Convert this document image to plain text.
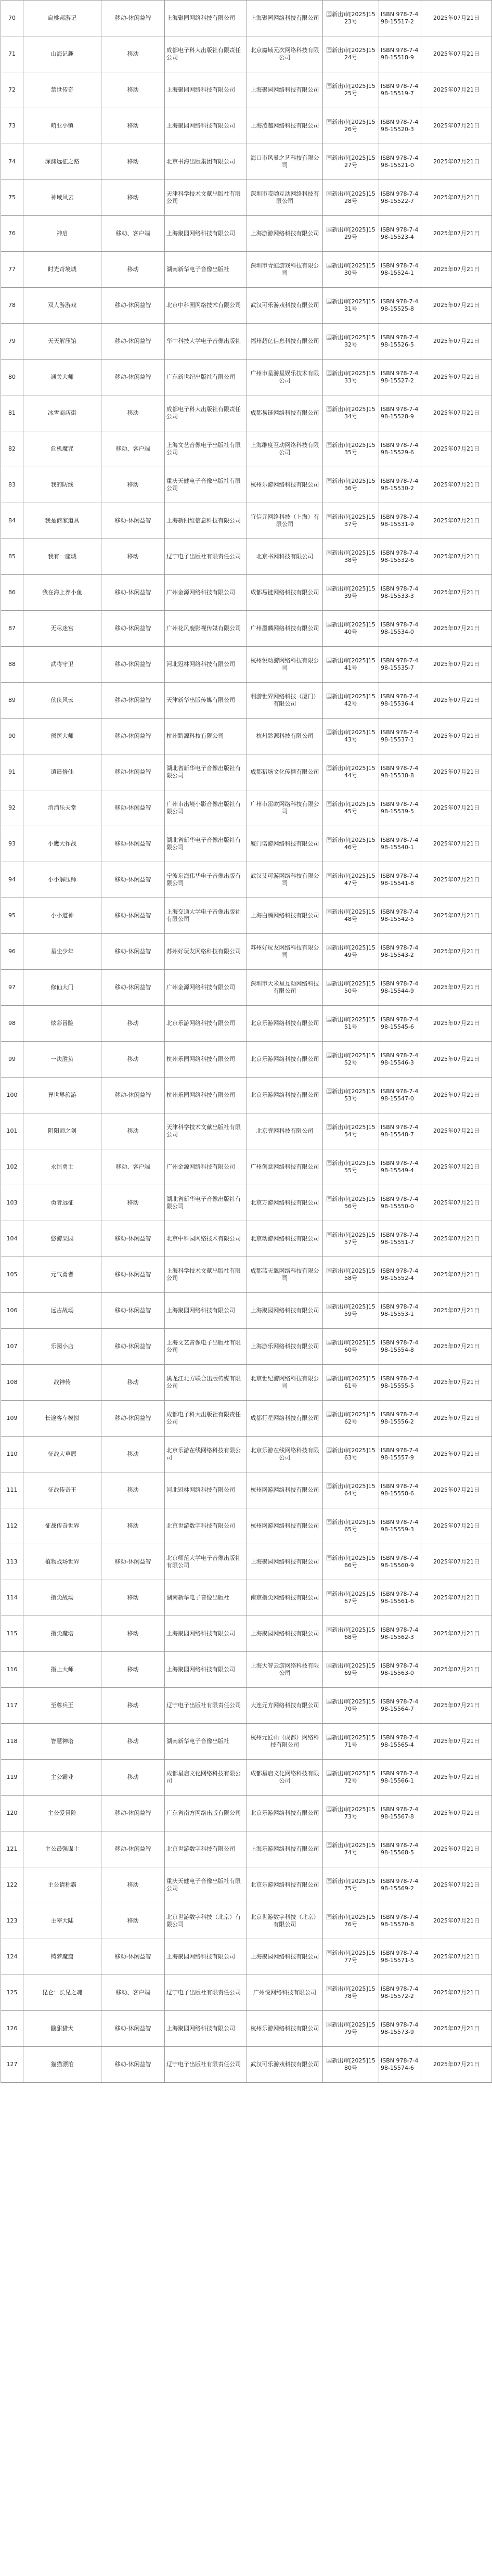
70	扁桃邦游记	移动-休闲益智	上海聚园网络科技有限公司	上海聚园网络科技有限公司	国新出审[2025]1523号	ISBN 978-7-498-15517-2	2025年07月21日
71	山海记趣	移动	成都电子科大出版社有限责任公司	北京魔域元次网络科技有限公司	国新出审[2025]1524号	ISBN 978-7-498-15518-9	2025年07月21日
72	禁世传奇	移动	上海聚园网络科技有限公司	上海聚园网络科技有限公司	国新出审[2025]1525号	ISBN 978-7-498-15519-7	2025年07月21日
73	萌业小镇	移动	上海聚园网络科技有限公司	上海凌越网络科技有限公司	国新出审[2025]1526号	ISBN 978-7-498-15520-3	2025年07月21日
74	深渊远征之路	移动	北京书海出版集团有限公司	海口市风暴之艺科技有限公司	国新出审[2025]1527号	ISBN 978-7-498-15521-0	2025年07月21日
75	神域风云	移动	天津科学技术文献出版社有限公司	深圳市哎哟互动网络科技有限公司	国新出审[2025]1528号	ISBN 978-7-498-15522-7	2025年07月21日
76	神启	移动、客户端	上海聚园网络科技有限公司	上海游游网络科技有限公司	国新出审[2025]1529号	ISBN 978-7-498-15523-4	2025年07月21日
77	时光奇境城	移动	湖南新华电子音像出版社	深圳市青蛙游戏科技有限公司	国新出审[2025]1530号	ISBN 978-7-498-15524-1	2025年07月21日
78	双人游游戏	移动-休闲益智	北京中科园网络技术有限公司	武汉可乐游戏科技有限公司	国新出审[2025]1531号	ISBN 978-7-498-15525-8	2025年07月21日
79	天天解压馆	移动-休闲益智	华中科技大学电子音像出版社	福州超亿信息科技有限公司	国新出审[2025]1532号	ISBN 978-7-498-15526-5	2025年07月21日
80	通关大师	移动-休闲益智	广东新世纪出版社有限公司	广州市星游星娱乐技术有限公司	国新出审[2025]1533号	ISBN 978-7-498-15527-2	2025年07月21日
81	冰雪商店街	移动	成都电子科大出版社有限责任公司	成都易链网络科技有限公司	国新出审[2025]1534号	ISBN 978-7-498-15528-9	2025年07月21日
82	危机魔咒	移动、客户端	上海文艺音像电子出版社有限公司	上海维度互动网络科技有限公司	国新出审[2025]1535号	ISBN 978-7-498-15529-6	2025年07月21日
83	我的防线	移动	重庆天健电子音像出版社有限公司	杭州乐游网络科技有限公司	国新出审[2025]1536号	ISBN 978-7-498-15530-2	2025年07月21日
84	我是商家道具	移动-休闲益智	上海新四维信息科技有限公司	宜信元网络科技（上海）有限公司	国新出审[2025]1537号	ISBN 978-7-498-15531-9	2025年07月21日
85	我有一座城	移动	辽宁电子出版社有限责任公司	北京书网科技有限公司	国新出审[2025]1538号	ISBN 978-7-498-15532-6	2025年07月21日
86	我在海上养小鱼	移动-休闲益智	广州金源网络科技有限公司	成都易链网络科技有限公司	国新出审[2025]1539号	ISBN 978-7-498-15533-3	2025年07月21日
87	无尽迷宫	移动-休闲益智	广州花风鹿影视传媒有限公司	广州墨麟网络科技有限公司	国新出审[2025]1540号	ISBN 978-7-498-15534-0	2025年07月21日
88	武将守卫	移动-休闲益智	河北冠林网络科技有限公司	杭州悦动游网络科技有限公司	国新出审[2025]1541号	ISBN 978-7-498-15535-7	2025年07月21日
89	侠侠风云	移动-休闲益智	天津新华出版传媒有限公司	利游世界网络科技（厦门）有限公司	国新出审[2025]1542号	ISBN 978-7-498-15536-4	2025年07月21日
90	熊医大师	移动-休闲益智	杭州黔源科技有限公司	杭州黔源科技有限公司	国新出审[2025]1543号	ISBN 978-7-498-15537-1	2025年07月21日
91	逍遥修仙	移动-休闲益智	湖北省新华电子音像出版社有限公司	成都猎场文化传播有限公司	国新出审[2025]1544号	ISBN 978-7-498-15538-8	2025年07月21日
92	消消乐天堂	移动-休闲益智	广州市出境小影音像出版社有限公司	广州市雷欧网络科技有限公司	国新出审[2025]1545号	ISBN 978-7-498-15539-5	2025年07月21日
93	小鹰大作战	移动-休闲益智	湖北省新华电子音像出版社有限公司	厦门诺游网络科技有限公司	国新出审[2025]1546号	ISBN 978-7-498-15540-1	2025年07月21日
94	小小解压师	移动-休闲益智	宁波东海伟华电子音像出版有限公司	武汉艾可游网络科技有限公司	国新出审[2025]1547号	ISBN 978-7-498-15541-8	2025年07月21日
95	小小道神	移动-休闲益智	上海交通大学电子音像出版社有限公司	上海白腾网络科技有限公司	国新出审[2025]1548号	ISBN 978-7-498-15542-5	2025年07月21日
96	星尘少年	移动-休闲益智	苏州好玩友网络科技有限公司	苏州好玩友网络科技有限公司	国新出审[2025]1549号	ISBN 978-7-498-15543-2	2025年07月21日
97	修仙大门	移动-休闲益智	广州金源网络科技有限公司	深圳市大米星互动网络科技有限公司	国新出审[2025]1550号	ISBN 978-7-498-15544-9	2025年07月21日
98	炫彩冒险	移动	北京乐游网络科技有限公司	北京乐游网络科技有限公司	国新出审[2025]1551号	ISBN 978-7-498-15545-6	2025年07月21日
99	一决胜负	移动	杭州乐园网络科技有限公司	北京乐游网络科技有限公司	国新出审[2025]1552号	ISBN 978-7-498-15546-3	2025年07月21日
100	异世界旅游	移动-休闲益智	杭州乐园网络科技有限公司	北京乐游网络科技有限公司	国新出审[2025]1553号	ISBN 978-7-498-15547-0	2025年07月21日
101	阴阳师之剑	移动	天津科学技术文献出版社有限公司	北京壹网科技有限公司	国新出审[2025]1554号	ISBN 978-7-498-15548-7	2025年07月21日
102	永恒勇士	移动、客户端	广州金源网络科技有限公司	广州创意网络科技有限公司	国新出审[2025]1555号	ISBN 978-7-498-15549-4	2025年07月21日
103	勇者远征	移动	湖北省新华电子音像出版社有限公司	北京万游网络科技有限公司	国新出审[2025]1556号	ISBN 978-7-498-15550-0	2025年07月21日
104	悠游果园	移动-休闲益智	北京中科园网络技术有限公司	北京动游网络科技有限公司	国新出审[2025]1557号	ISBN 978-7-498-15551-7	2025年07月21日
105	元气勇者	移动-休闲益智	上海科学技术文献出版社有限公司	成都蓝天翼网络科技有限公司	国新出审[2025]1558号	ISBN 978-7-498-15552-4	2025年07月21日
106	远古战场	移动-休闲益智	上海聚园网络科技有限公司	上海聚园网络科技有限公司	国新出审[2025]1559号	ISBN 978-7-498-15553-1	2025年07月21日
107	乐园小店	移动-休闲益智	上海文艺音像电子出版社有限公司	上海游乐网络科技有限公司	国新出审[2025]1560号	ISBN 978-7-498-15554-8	2025年07月21日
108	战神传	移动	黑龙江北方联合出版传媒有限公司	北京世纪游网络科技有限公司	国新出审[2025]1561号	ISBN 978-7-498-15555-5	2025年07月21日
109	长途客车模拟	移动-休闲益智	成都电子科大出版社有限责任公司	成都行星网络科技有限公司	国新出审[2025]1562号	ISBN 978-7-498-15556-2	2025年07月21日
110	征战大草原	移动	北京乐游在线网络科技有限公司	北京乐游在线网络科技有限公司	国新出审[2025]1563号	ISBN 978-7-498-15557-9	2025年07月21日
111	征战传奇王	移动	河北冠林网络科技有限公司	杭州网游网络科技有限公司	国新出审[2025]1564号	ISBN 978-7-498-15558-6	2025年07月21日
112	征战传奇世界	移动	北京世游数字科技有限公司	杭州网游网络科技有限公司	国新出审[2025]1565号	ISBN 978-7-498-15559-3	2025年07月21日
113	植物战场世界	移动-休闲益智	北京师范大学电子音像出版社有限公司	上海聚园网络科技有限公司	国新出审[2025]1566号	ISBN 978-7-498-15560-9	2025年07月21日
114	指尖战场	移动	湖南新华电子音像出版社	南京指尖网络科技有限公司	国新出审[2025]1567号	ISBN 978-7-498-15561-6	2025年07月21日
115	指尖魔塔	移动	上海聚园网络科技有限公司	上海聚园网络科技有限公司	国新出审[2025]1568号	ISBN 978-7-498-15562-3	2025年07月21日
116	指上大师	移动	上海聚园网络科技有限公司	上海大智云游网络科技有限公司	国新出审[2025]1569号	ISBN 978-7-498-15563-0	2025年07月21日
117	至尊兵王	移动	辽宁电子出版社有限责任公司	大连元方网络科技有限公司	国新出审[2025]1570号	ISBN 978-7-498-15564-7	2025年07月21日
118	智慧神塔	移动	湖南新华电子音像出版社	杭州元匠山（成都）网络科技有限公司	国新出审[2025]1571号	ISBN 978-7-498-15565-4	2025年07月21日
119	主公霸业	移动	成都星启文化网络科技有限公司	成都星启文化网络科技有限公司	国新出审[2025]1572号	ISBN 978-7-498-15566-1	2025年07月21日
120	主公爱冒险	移动-休闲益智	广东省南方网络出版有限公司	北京乐游网络科技有限公司	国新出审[2025]1573号	ISBN 978-7-498-15567-8	2025年07月21日
121	主公最强谋士	移动-休闲益智	北京世游数字科技有限公司	上海乐游网络科技有限公司	国新出审[2025]1574号	ISBN 978-7-498-15568-5	2025年07月21日
122	主公请称霸	移动	重庆天健电子音像出版社有限公司	北京乐游网络科技有限公司	国新出审[2025]1575号	ISBN 978-7-498-15569-2	2025年07月21日
123	主宰大陆	移动	北京世游数字科技（北京）有限公司	北京世游数字科技（北京）有限公司	国新出审[2025]1576号	ISBN 978-7-498-15570-8	2025年07月21日
124	铸梦魔窟	移动-休闲益智	上海聚园网络科技有限公司	上海聚园网络科技有限公司	国新出审[2025]1577号	ISBN 978-7-498-15571-5	2025年07月21日
125	昆仑：长兄之魂	移动、客户端	辽宁电子出版社有限责任公司	广州悦网络科技有限公司	国新出审[2025]1578号	ISBN 978-7-498-15572-2	2025年07月21日
126	酸甜猎犬	移动-休闲益智	上海聚园网络科技有限公司	杭州乐游网络科技有限公司	国新出审[2025]1579号	ISBN 978-7-498-15573-9	2025年07月21日
127	猫猫漂泊	移动-休闲益智	辽宁电子出版社有限责任公司	武汉可乐游戏科技有限公司	国新出审[2025]1580号	ISBN 978-7-498-15574-6	2025年07月21日
